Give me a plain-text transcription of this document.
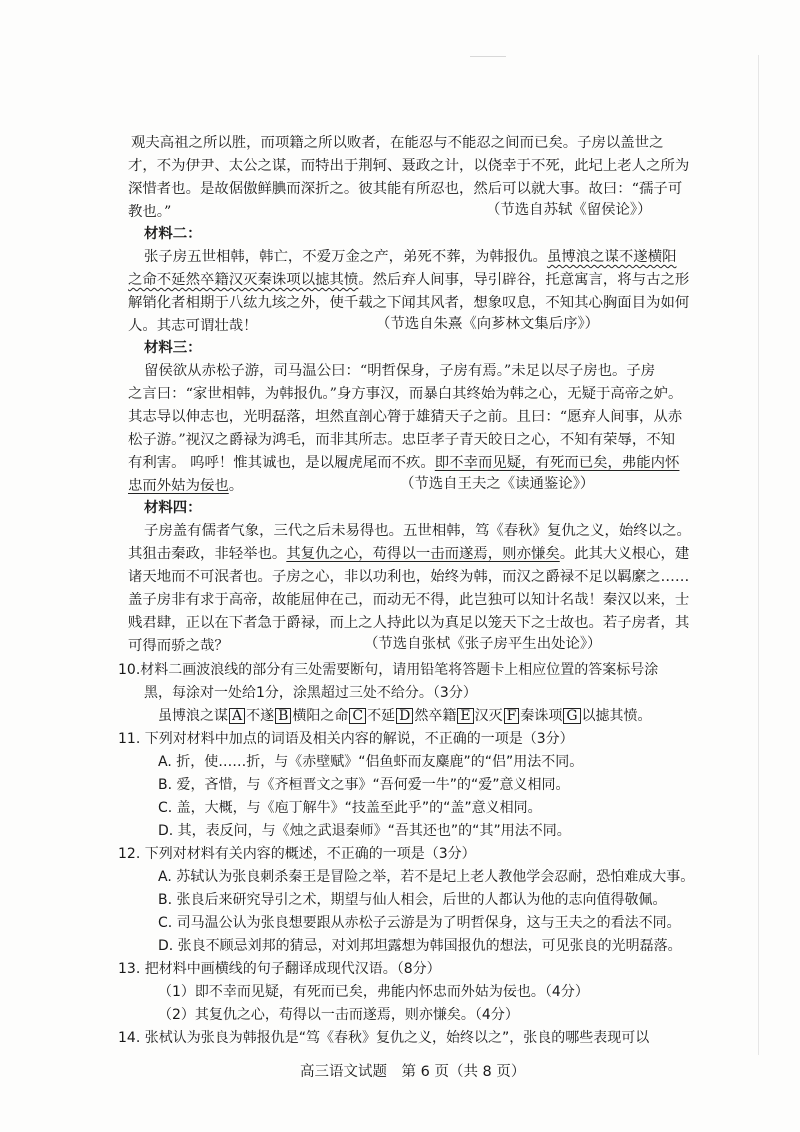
观夫高祖之所以胜，而项籍之所以败者，在能忍与不能忍之间而已矣。子房以盖世之
才，不为伊尹、太公之谋，而特出于荆轲、聂政之计，以侥幸于不死，此圮上老人之所为
深惜者也。是故倨傲鲜腆而深折之。彼其能有所忍也，然后可以就大事。故曰：“孺子可
教也。”	（节选自苏轼《留侯论》）
材料二：
张子房五世相韩，韩亡，不爱万金之产，弟死不葬，为韩报仇。虽博浪之谋不遂横阳
之命不延然卒籍汉灭秦诛项以摅其愤。然后弃人间事，导引辟谷，托意寓言，将与古之形
解销化者相期于八纮九垓之外，使千载之下闻其风者，想象叹息，不知其心胸面目为如何
人。其志可谓壮哉！	（节选自朱熹《向芗林文集后序》）
材料三：
留侯欲从赤松子游，司马温公曰：“明哲保身，子房有焉。”未足以尽子房也。子房
之言曰：“家世相韩，为韩报仇。”身方事汉，而暴白其终始为韩之心，无疑于高帝之妒。
其志导以伸志也，光明磊落，坦然直剖心膂于雄猜天子之前。且曰：“愿弃人间事，从赤
松子游。”视汉之爵禄为鸿毛，而非其所志。忠臣孝子青天皎日之心，不知有荣辱，不知
有利害。 呜呼！惟其诚也，是以履虎尾而不疚。即不幸而见疑，有死而已矣，弗能内怀
忠而外姑为佞也。	（节选自王夫之《读通鉴论》）
材料四：
子房盖有儒者气象，三代之后未易得也。五世相韩，笃《春秋》复仇之义，始终以之。
其狙击秦政，非轻举也。其复仇之心，苟得以一击而遂焉，则亦慊矣。此其大义根心，建
诸天地而不可泯者也。子房之心，非以功利也，始终为韩，而汉之爵禄不足以羁縻之……
盖子房非有求于高帝，故能屈伸在己，而动无不得，此岂独可以知计名哉！秦汉以来，士
贱君肆，正以在下者急于爵禄，而上之人持此以为真足以笼天下之士故也。若子房者，其
可得而骄之哉？	（节选自张栻《张子房平生出处论》）
10.材料二画波浪线的部分有三处需要断句，请用铅笔将答题卡上相应位置的答案标号涂
黑，每涂对一处给1分，涂黑超过三处不给分。（3分）
虽博浪之谋 A 不遂 B 横阳之命 C 不延 D 然卒籍 E 汉灭 F 秦诛项 G 以摅其愤。
11. 下列对材料中加点的词语及相关内容的解说，不正确的一项是（3分）
A. 折，使……折，与《赤壁赋》“侣鱼虾而友麋鹿”的“侣”用法不同。
B. 爱，吝惜，与《齐桓晋文之事》“吾何爱一牛”的“爱”意义相同。
C. 盖，大概，与《庖丁解牛》“技盖至此乎”的“盖”意义相同。
D. 其，表反问，与《烛之武退秦师》“吾其还也”的“其”用法不同。
12. 下列对材料有关内容的概述，不正确的一项是（3分）
A. 苏轼认为张良刺杀秦王是冒险之举，若不是圮上老人教他学会忍耐，恐怕难成大事。
B. 张良后来研究导引之术，期望与仙人相会，后世的人都认为他的志向值得敬佩。
C. 司马温公认为张良想要跟从赤松子云游是为了明哲保身，这与王夫之的看法不同。
D. 张良不顾忌刘邦的猜忌，对刘邦坦露想为韩国报仇的想法，可见张良的光明磊落。
13. 把材料中画横线的句子翻译成现代汉语。（8分）
（1）即不幸而见疑，有死而已矣，弗能内怀忠而外姑为佞也。（4分）
（2）其复仇之心，苟得以一击而遂焉，则亦慊矣。（4分）
14. 张栻认为张良为韩报仇是“笃《春秋》复仇之义，始终以之”，张良的哪些表现可以
高三语文试题　第 6 页（共 8 页）
